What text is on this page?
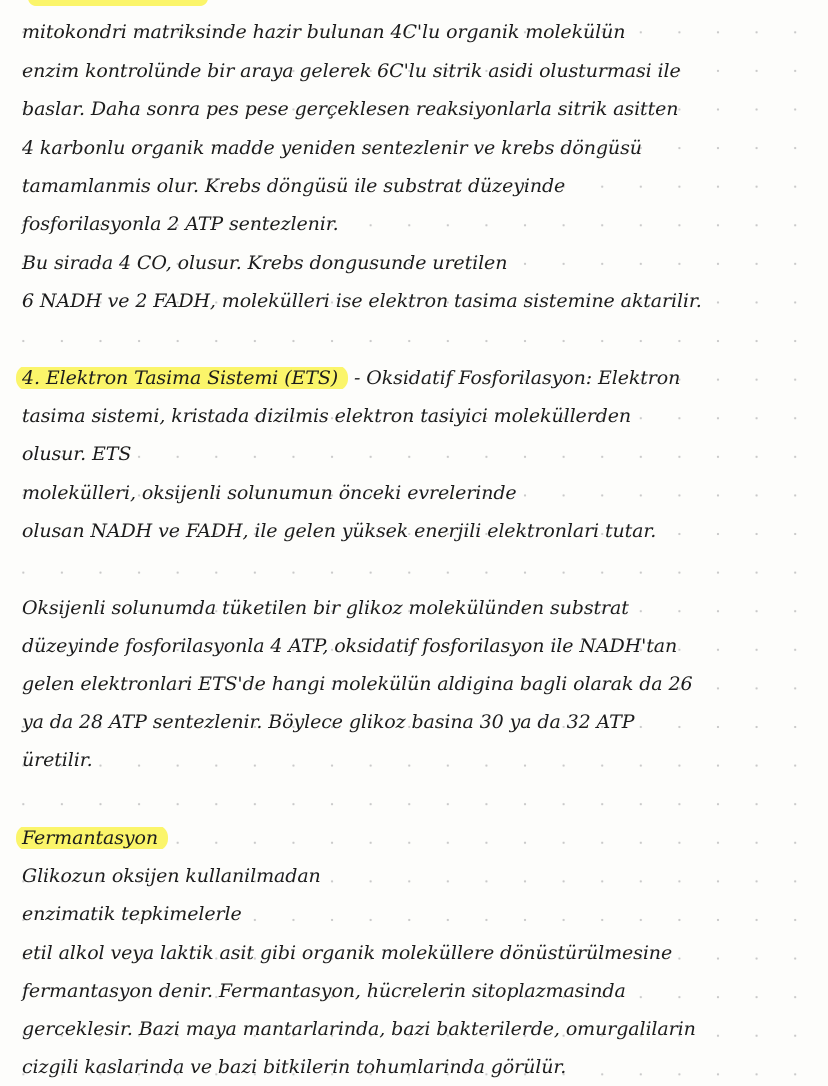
mitokondri matriksinde hazir bulunan 4C'lu organik molekülün
enzim kontrolünde bir araya gelerek 6C'lu sitrik asidi olusturmasi ile
baslar. Daha sonra pes pese gerçeklesen reaksiyonlarla sitrik asitten
4 karbonlu organik madde yeniden sentezlenir ve krebs döngüsü
tamamlanmis olur. Krebs döngüsü ile substrat düzeyinde
fosforilasyonla 2 ATP sentezlenir.
Bu sirada 4 CO, olusur. Krebs dongusunde uretilen
6 NADH ve 2 FADH, molekülleri ise elektron tasima sistemine aktarilir.
4. Elektron Tasima Sistemi (ETS) - Oksidatif Fosforilasyon: Elektron
tasima sistemi, kristada dizilmis elektron tasiyici moleküllerden
olusur. ETS
molekülleri, oksijenli solunumun önceki evrelerinde
olusan NADH ve FADH, ile gelen yüksek enerjili elektronlari tutar.
Oksijenli solunumda tüketilen bir glikoz molekülünden substrat
düzeyinde fosforilasyonla 4 ATP, oksidatif fosforilasyon ile NADH'tan
gelen elektronlari ETS'de hangi molekülün aldigina bagli olarak da 26
ya da 28 ATP sentezlenir. Böylece glikoz basina 30 ya da 32 ATP
üretilir.
Fermantasyon
Glikozun oksijen kullanilmadan
enzimatik tepkimelerle
etil alkol veya laktik asit gibi organik moleküllere dönüstürülmesine
fermantasyon denir. Fermantasyon, hücrelerin sitoplazmasinda
gerceklesir. Bazi maya mantarlarinda, bazi bakterilerde, omurgalilarin
cizgili kaslarinda ve bazi bitkilerin tohumlarinda görülür.
